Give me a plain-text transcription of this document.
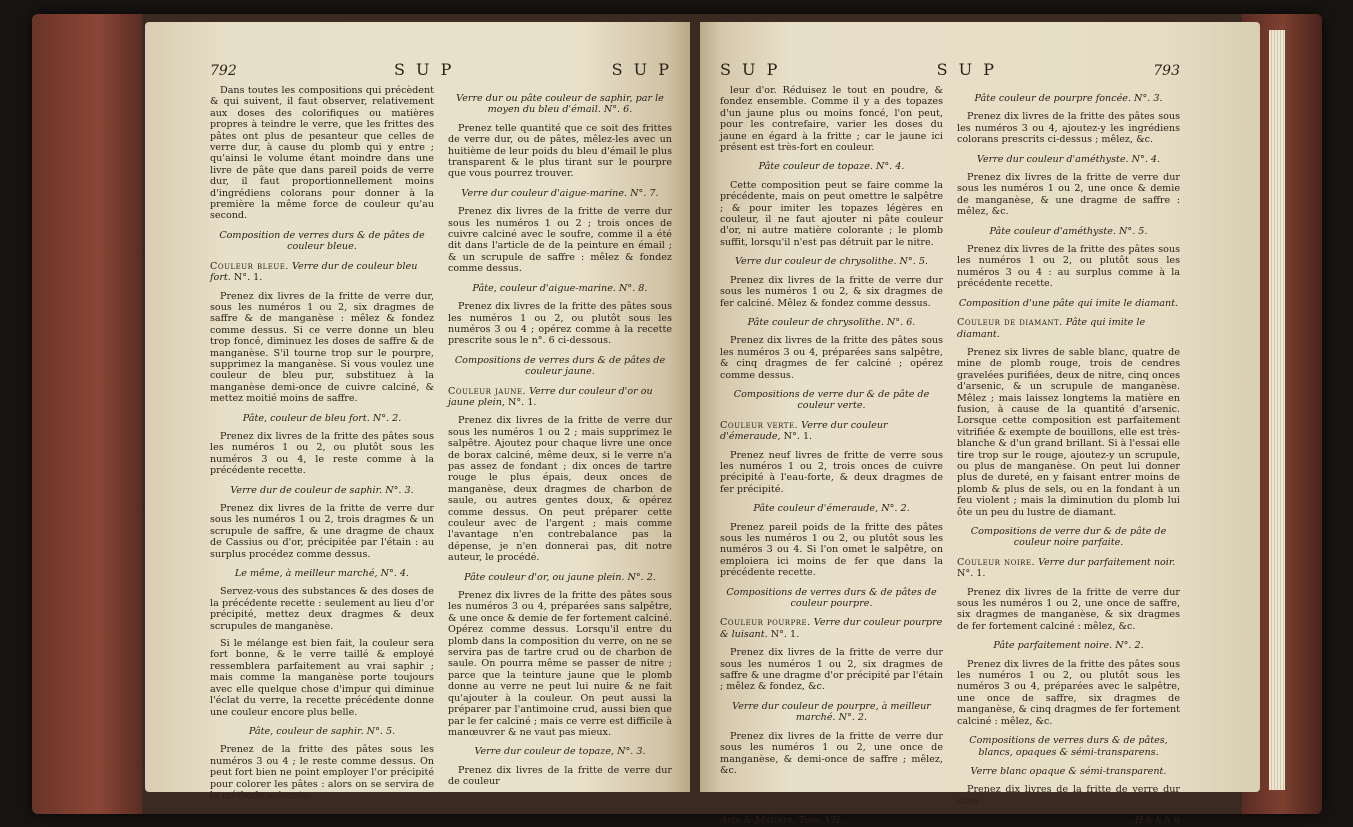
792	S U P	S U P

Dans toutes les compositions qui précèdent & qui suivent, il faut observer, relativement aux doses des colorifiques ou matières propres à teindre le verre, que les frittes des pâtes ont plus de pesanteur que celles de verre dur, à cause du plomb qui y entre ; qu'ainsi le volume étant moindre dans une livre de pâte que dans pareil poids de verre dur, il faut proportionnellement moins d'ingrédiens colorans pour donner à la première la même force de couleur qu'au second.

Composition de verres durs & de pâtes de couleur bleue.
Couleur bleue. Verre dur de couleur bleu fort. N°. 1.

Prenez dix livres de la fritte de verre dur, sous les numéros 1 ou 2, six dragmes de saffre & de manganèse : mêlez & fondez comme dessus. Si ce verre donne un bleu trop foncé, diminuez les doses de saffre & de manganèse. S'il tourne trop sur le pourpre, supprimez la manganèse. Si vous voulez une couleur de bleu pur, substituez à la manganèse demi-once de cuivre calciné, & mettez moitié moins de saffre.

Pâte, couleur de bleu fort. N°. 2.

Prenez dix livres de la fritte des pâtes sous les numéros 1 ou 2, ou plutôt sous les numéros 3 ou 4, le reste comme à la précédente recette.

Verre dur de couleur de saphir. N°. 3.

Prenez dix livres de la fritte de verre dur sous les numéros 1 ou 2, trois dragmes & un scrupule de saffre, & une dragme de chaux de Cassius ou d'or, précipitée par l'étain : au surplus procédez comme dessus.

Le même, à meilleur marché, N°. 4.

Servez-vous des substances & des doses de la précédente recette : seulement au lieu d'or précipité, mettez deux dragmes & deux scrupules de manganèse.

Si le mélange est bien fait, la couleur sera fort bonne, & le verre taillé & employé ressemblera parfaitement au vrai saphir ; mais comme la manganèse porte toujours avec elle quelque chose d'impur qui diminue l'éclat du verre, la recette précédente donne une couleur encore plus belle.

Pâte, couleur de saphir. N°. 5.

Prenez de la fritte des pâtes sous les numéros 3 ou 4 ; le reste comme dessus. On peut fort bien ne point employer l'or précipité pour colorer les pâtes : alors on se servira de la méthode suivante.

Verre dur ou pâte couleur de saphir, par le moyen du bleu d'émail. N°. 6.

Prenez telle quantité que ce soit des frittes de verre dur, ou de pâtes, mêlez-les avec un huitième de leur poids du bleu d'émail le plus transparent & le plus tirant sur le pourpre que vous pourrez trouver.

Verre dur couleur d'aigue-marine. N°. 7.

Prenez dix livres de la fritte de verre dur sous les numéros 1 ou 2 ; trois onces de cuivre calciné avec le soufre, comme il a été dit dans l'article de de la peinture en émail ; & un scrupule de saffre : mêlez & fondez comme dessus.

Pâte, couleur d'aigue-marine. N°. 8.

Prenez dix livres de la fritte des pâtes sous les numéros 1 ou 2, ou plutôt sous les numéros 3 ou 4 ; opérez comme à la recette prescrite sous le n°. 6 ci-dessous.

Compositions de verres durs & de pâtes de couleur jaune.
Couleur jaune. Verre dur couleur d'or ou jaune plein, N°. 1.

Prenez dix livres de la fritte de verre dur sous les numéros 1 ou 2 ; mais supprimez le salpêtre. Ajoutez pour chaque livre une once de borax calciné, même deux, si le verre n'a pas assez de fondant ; dix onces de tartre rouge le plus épais, deux onces de manganèse, deux dragmes de charbon de saule, ou autres gentes doux, & opérez comme dessus. On peut préparer cette couleur avec de l'argent ; mais comme l'avantage n'en contrebalance pas la dépense, je n'en donnerai pas, dit notre auteur, le procédé.

Pâte couleur d'or, ou jaune plein. N°. 2.

Prenez dix livres de la fritte des pâtes sous les numéros 3 ou 4, préparées sans salpêtre, & une once & demie de fer fortement calciné. Opérez comme dessus. Lorsqu'il entre du plomb dans la composition du verre, on ne se servira pas de tartre crud ou de charbon de saule. On pourra même se passer de nitre ; parce que la teinture jaune que le plomb donne au verre ne peut lui nuire & ne fait qu'ajouter à la couleur. On peut aussi la préparer par l'antimoine crud, aussi bien que par le fer calciné ; mais ce verre est difficile à manœuvrer & ne vaut pas mieux.

Verre dur couleur de topaze, N°. 3.

Prenez dix livres de la fritte de verre dur de couleur

S U P	S U P	793

leur d'or. Réduisez le tout en poudre, & fondez ensemble. Comme il y a des topazes d'un jaune plus ou moins foncé, l'on peut, pour les contrefaire, varier les doses du jaune en égard à la fritte ; car le jaune ici présent est très-fort en couleur.

Pâte couleur de topaze. N°. 4.

Cette composition peut se faire comme la précédente, mais on peut omettre le salpêtre ; & pour imiter les topazes légères en couleur, il ne faut ajouter ni pâte couleur d'or, ni autre matière colorante ; le plomb suffit, lorsqu'il n'est pas détruit par le nitre.

Verre dur couleur de chrysolithe. N°. 5.

Prenez dix livres de la fritte de verre dur sous les numéros 1 ou 2, & six dragmes de fer calciné. Mêlez & fondez comme dessus.

Pâte couleur de chrysolithe. N°. 6.

Prenez dix livres de la fritte des pâtes sous les numéros 3 ou 4, préparées sans salpêtre, & cinq dragmes de fer calciné ; opérez comme dessus.

Compositions de verre dur & de pâte de couleur verte.
Couleur verte. Verre dur couleur d'émeraude, N°. 1.

Prenez neuf livres de fritte de verre sous les numéros 1 ou 2, trois onces de cuivre précipité à l'eau-forte, & deux dragmes de fer précipité.

Pâte couleur d'émeraude, N°. 2.

Prenez pareil poids de la fritte des pâtes sous les numéros 1 ou 2, ou plutôt sous les numéros 3 ou 4. Si l'on omet le salpêtre, on emploiera ici moins de fer que dans la précédente recette.

Compositions de verres durs & de pâtes de couleur pourpre.
Couleur pourpre. Verre dur couleur pourpre & luisant. N°. 1.

Prenez dix livres de la fritte de verre dur sous les numéros 1 ou 2, six dragmes de saffre & une dragme d'or précipité par l'étain ; mêlez & fondez, &c.

Verre dur couleur de pourpre, à meilleur marché. N°. 2.

Prenez dix livres de la fritte de verre dur sous les numéros 1 ou 2, une once de manganèse, & demi-once de saffre ; mêlez, &c.

Pâte couleur de pourpre foncée. N°. 3.

Prenez dix livres de la fritte des pâtes sous les numéros 3 ou 4, ajoutez-y les ingrédiens colorans prescrits ci-dessus ; mêlez, &c.

Verre dur couleur d'améthyste. N°. 4.

Prenez dix livres de la fritte de verre dur sous les numéros 1 ou 2, une once & demie de manganèse, & une dragme de saffre : mêlez, &c.

Pâte couleur d'améthyste. N°. 5.

Prenez dix livres de la fritte des pâtes sous les numéros 1 ou 2, ou plutôt sous les numéros 3 ou 4 : au surplus comme à la précédente recette.

Composition d'une pâte qui imite le diamant.
Couleur de diamant. Pâte qui imite le diamant.

Prenez six livres de sable blanc, quatre de mine de plomb rouge, trois de cendres gravelées purifiées, deux de nitre, cinq onces d'arsenic, & un scrupule de manganèse. Mêlez ; mais laissez longtems la matière en fusion, à cause de la quantité d'arsenic. Lorsque cette composition est parfaitement vitrifiée & exempte de bouillons, elle est très-blanche & d'un grand brillant. Si à l'essai elle tire trop sur le rouge, ajoutez-y un scrupule, ou plus de manganèse. On peut lui donner plus de dureté, en y faisant entrer moins de plomb & plus de sels, ou en la fondant à un feu violent ; mais la diminution du plomb lui ôte un peu du lustre de diamant.

Compositions de verre dur & de pâte de couleur noire parfaite.
Couleur noire. Verre dur parfaitement noir. N°. 1.

Prenez dix livres de la fritte de verre dur sous les numéros 1 ou 2, une once de saffre, six dragmes de manganèse, & six dragmes de fer fortement calciné : mêlez, &c.

Pâte parfaitement noire. N°. 2.

Prenez dix livres de la fritte des pâtes sous les numéros 1 ou 2, ou plutôt sous les numéros 3 ou 4, préparées avec le salpêtre, une once de saffre, six dragmes de manganèse, & cinq dragmes de fer fortement calciné : mêlez, &c.

Compositions de verres durs & de pâtes, blancs, opaques & sémi-transparens.
Verre blanc opaque & sémi-transparent.

Prenez dix livres de la fritte de verre dur sous

Arts & Métiers. Tom. VII.	H h h h h
